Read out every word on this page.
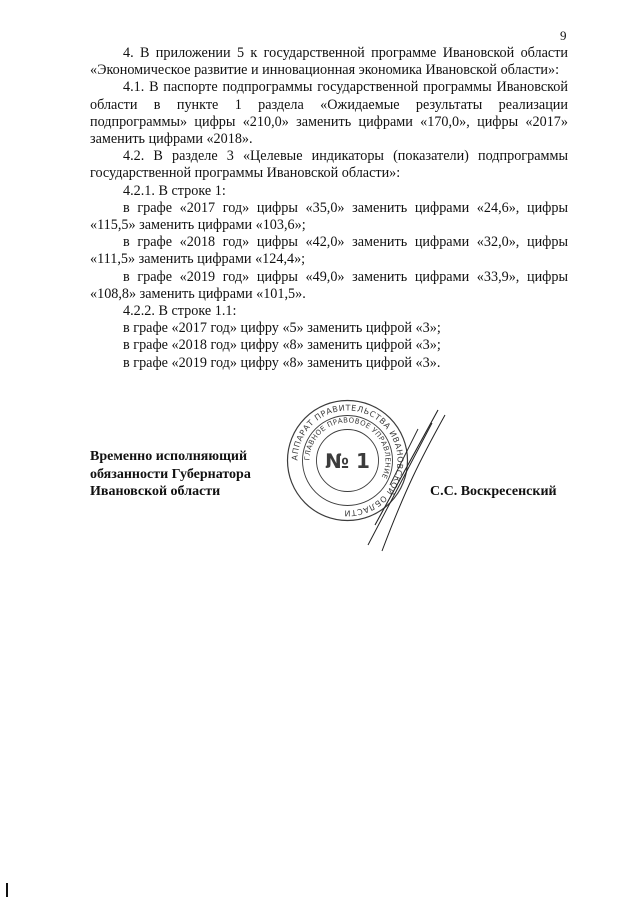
9

4. В приложении 5 к государственной программе Ивановской области «Экономическое развитие и инновационная экономика Ивановской области»:

4.1. В паспорте подпрограммы государственной программы Ивановской области в пункте 1 раздела «Ожидаемые результаты реализации подпрограммы» цифры «210,0» заменить цифрами «170,0», цифры «2017» заменить цифрами «2018».

4.2. В разделе 3 «Целевые индикаторы (показатели) подпрограммы государственной программы Ивановской области»:

4.2.1. В строке 1:

в графе «2017 год» цифры «35,0» заменить цифрами «24,6», цифры «115,5» заменить цифрами «103,6»;

в графе «2018 год» цифры «42,0» заменить цифрами «32,0», цифры «111,5» заменить цифрами «124,4»;

в графе «2019 год» цифры «49,0» заменить цифрами «33,9», цифры «108,8» заменить цифрами «101,5».

4.2.2. В строке 1.1:

в графе «2017 год» цифру «5» заменить цифрой «3»;

в графе «2018 год» цифру «8» заменить цифрой «3»;

в графе «2019 год» цифру «8» заменить цифрой «3».

АППАРАТ ПРАВИТЕЛЬСТВА ИВАНОВСКОЙ ОБЛАСТИ
ГЛАВНОЕ ПРАВОВОЕ УПРАВЛЕНИЕ
№ 1
Временно исполняющий
обязанности Губернатора
Ивановской области	С.С. Воскресенский
